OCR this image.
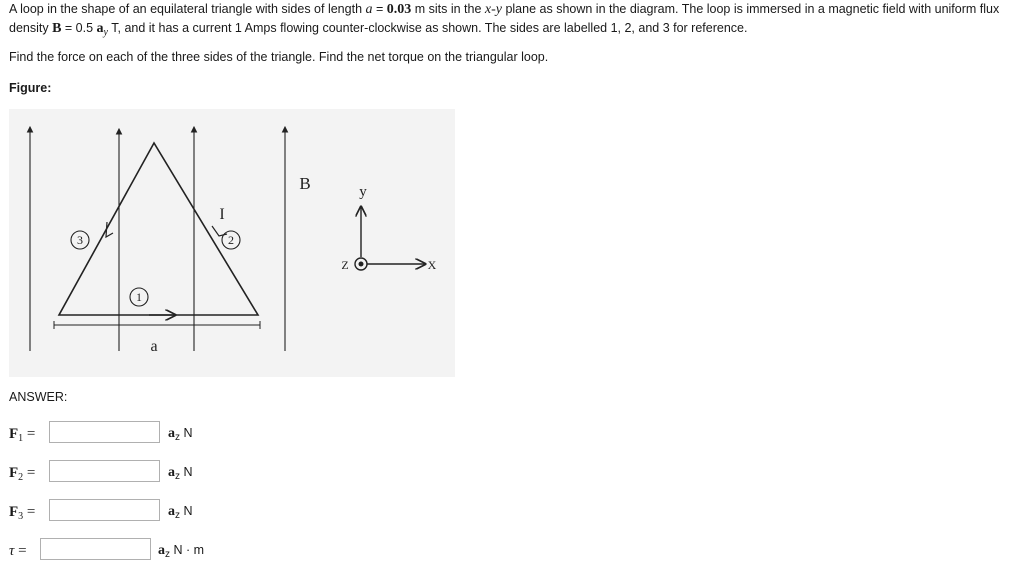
A loop in the shape of an equilateral triangle with sides of length a = 0.03 m sits in the x-y plane as shown in the diagram. The loop is immersed in a magnetic field with uniform flux density B = 0.5 $a_y$ T, and it has a current 1 Amps flowing counter-clockwise as shown. The sides are labelled 1, 2, and 3 for reference.
Find the force on each of the three sides of the triangle. Find the net torque on the triangular loop.
Figure:
1
2
3
I
B
a
y
X
Z
ANSWER:
$F_1$ =	$a_z$ N
$F_2$ =	$a_z$ N
$F_3$ =	$a_z$ N
τ =	$a_z$ N · m
